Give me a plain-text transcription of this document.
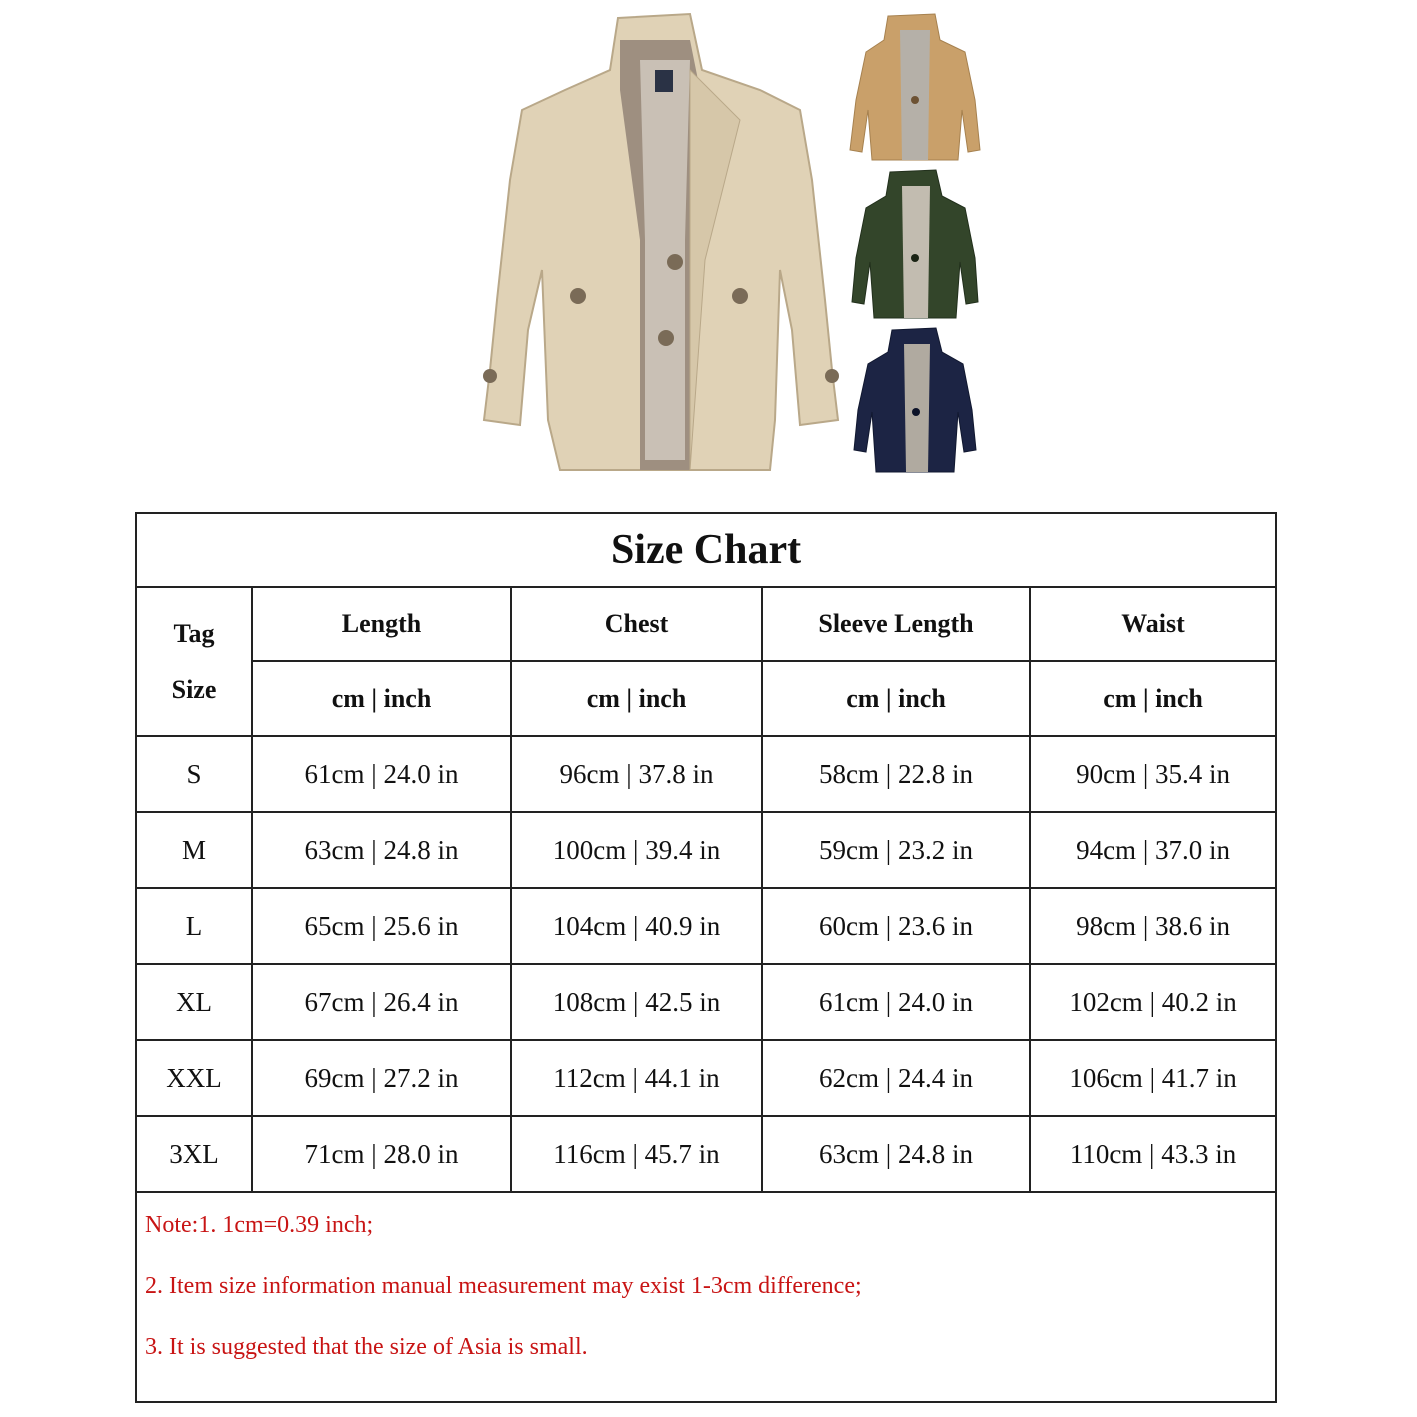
Size Chart				

Tag
Size	Length	Chest	Sleeve Length	Waist
	cm | inch	cm | inch	cm | inch	cm | inch
S	61cm | 24.0 in	96cm | 37.8 in	58cm | 22.8 in	90cm | 35.4 in
M	63cm | 24.8 in	100cm | 39.4 in	59cm | 23.2 in	94cm | 37.0 in
L	65cm | 25.6 in	104cm | 40.9 in	60cm | 23.6 in	98cm | 38.6 in
XL	67cm | 26.4 in	108cm | 42.5 in	61cm | 24.0 in	102cm | 40.2 in
XXL	69cm | 27.2 in	112cm | 44.1 in	62cm | 24.4 in	106cm | 41.7 in
3XL	71cm | 28.0 in	116cm | 45.7 in	63cm | 24.8 in	110cm | 43.3 in

Note:1. 1cm=0.39 inch;

2. Item size information manual measurement may exist 1-3cm difference;

3. It is suggested that the size of Asia is small.
